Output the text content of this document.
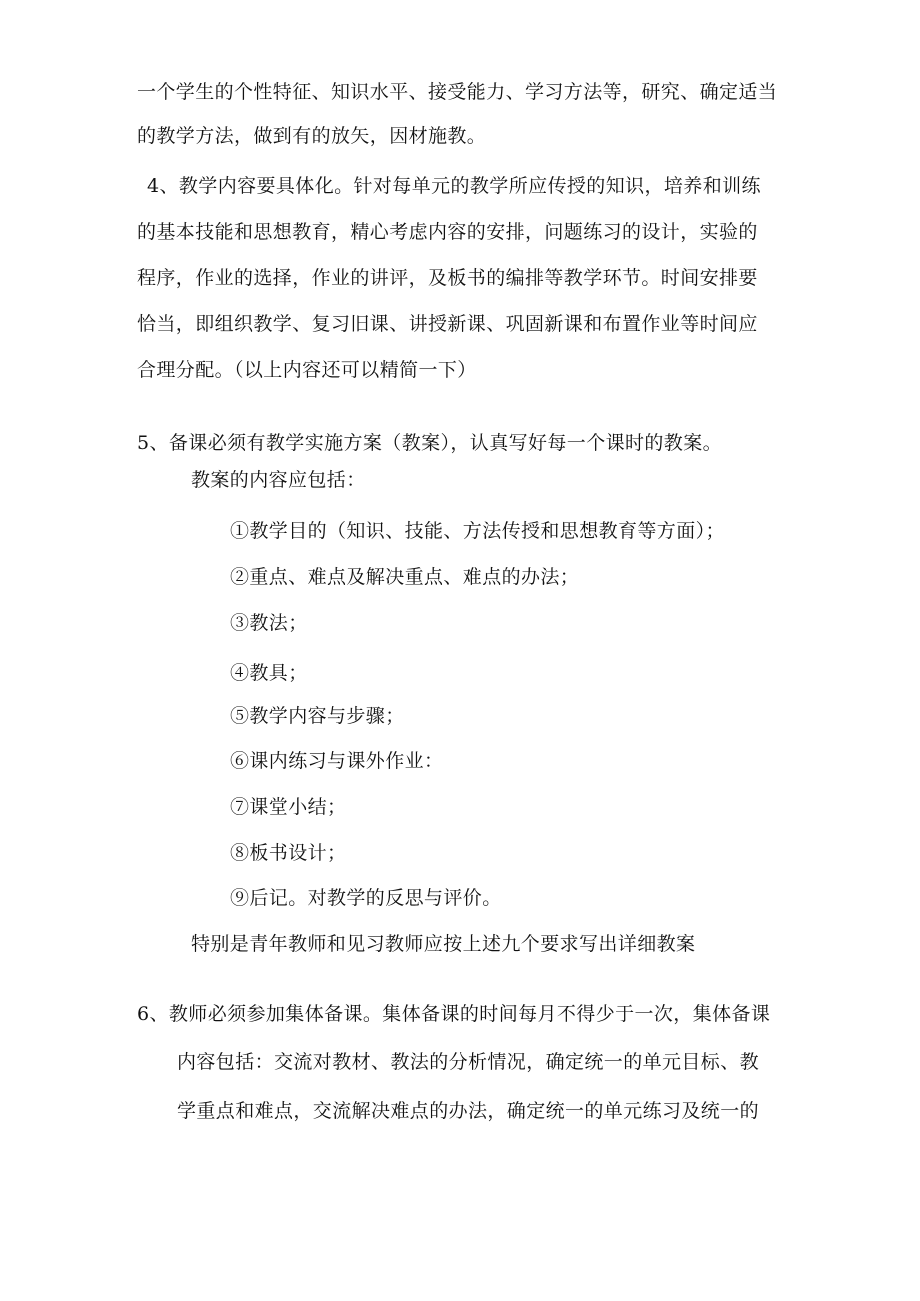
一个学生的个性特征、知识水平、接受能力、学习方法等，研究、确定适当
的教学方法，做到有的放矢，因材施教。
4、教学内容要具体化。针对每单元的教学所应传授的知识，培养和训练
的基本技能和思想教育，精心考虑内容的安排，问题练习的设计，实验的
程序，作业的选择，作业的讲评，及板书的编排等教学环节。时间安排要
恰当，即组织教学、复习旧课、讲授新课、巩固新课和布置作业等时间应
合理分配。（以上内容还可以精简一下）
5、备课必须有教学实施方案（教案），认真写好每一个课时的教案。
教案的内容应包括：
①教学目的（知识、技能、方法传授和思想教育等方面）；
②重点、难点及解决重点、难点的办法；
③教法；
④教具；
⑤教学内容与步骤；
⑥课内练习与课外作业：
⑦课堂小结；
⑧板书设计；
⑨后记。对教学的反思与评价。
特别是青年教师和见习教师应按上述九个要求写出详细教案
6、教师必须参加集体备课。集体备课的时间每月不得少于一次，集体备课
内容包括：交流对教材、教法的分析情况，确定统一的单元目标、教
学重点和难点，交流解决难点的办法，确定统一的单元练习及统一的
